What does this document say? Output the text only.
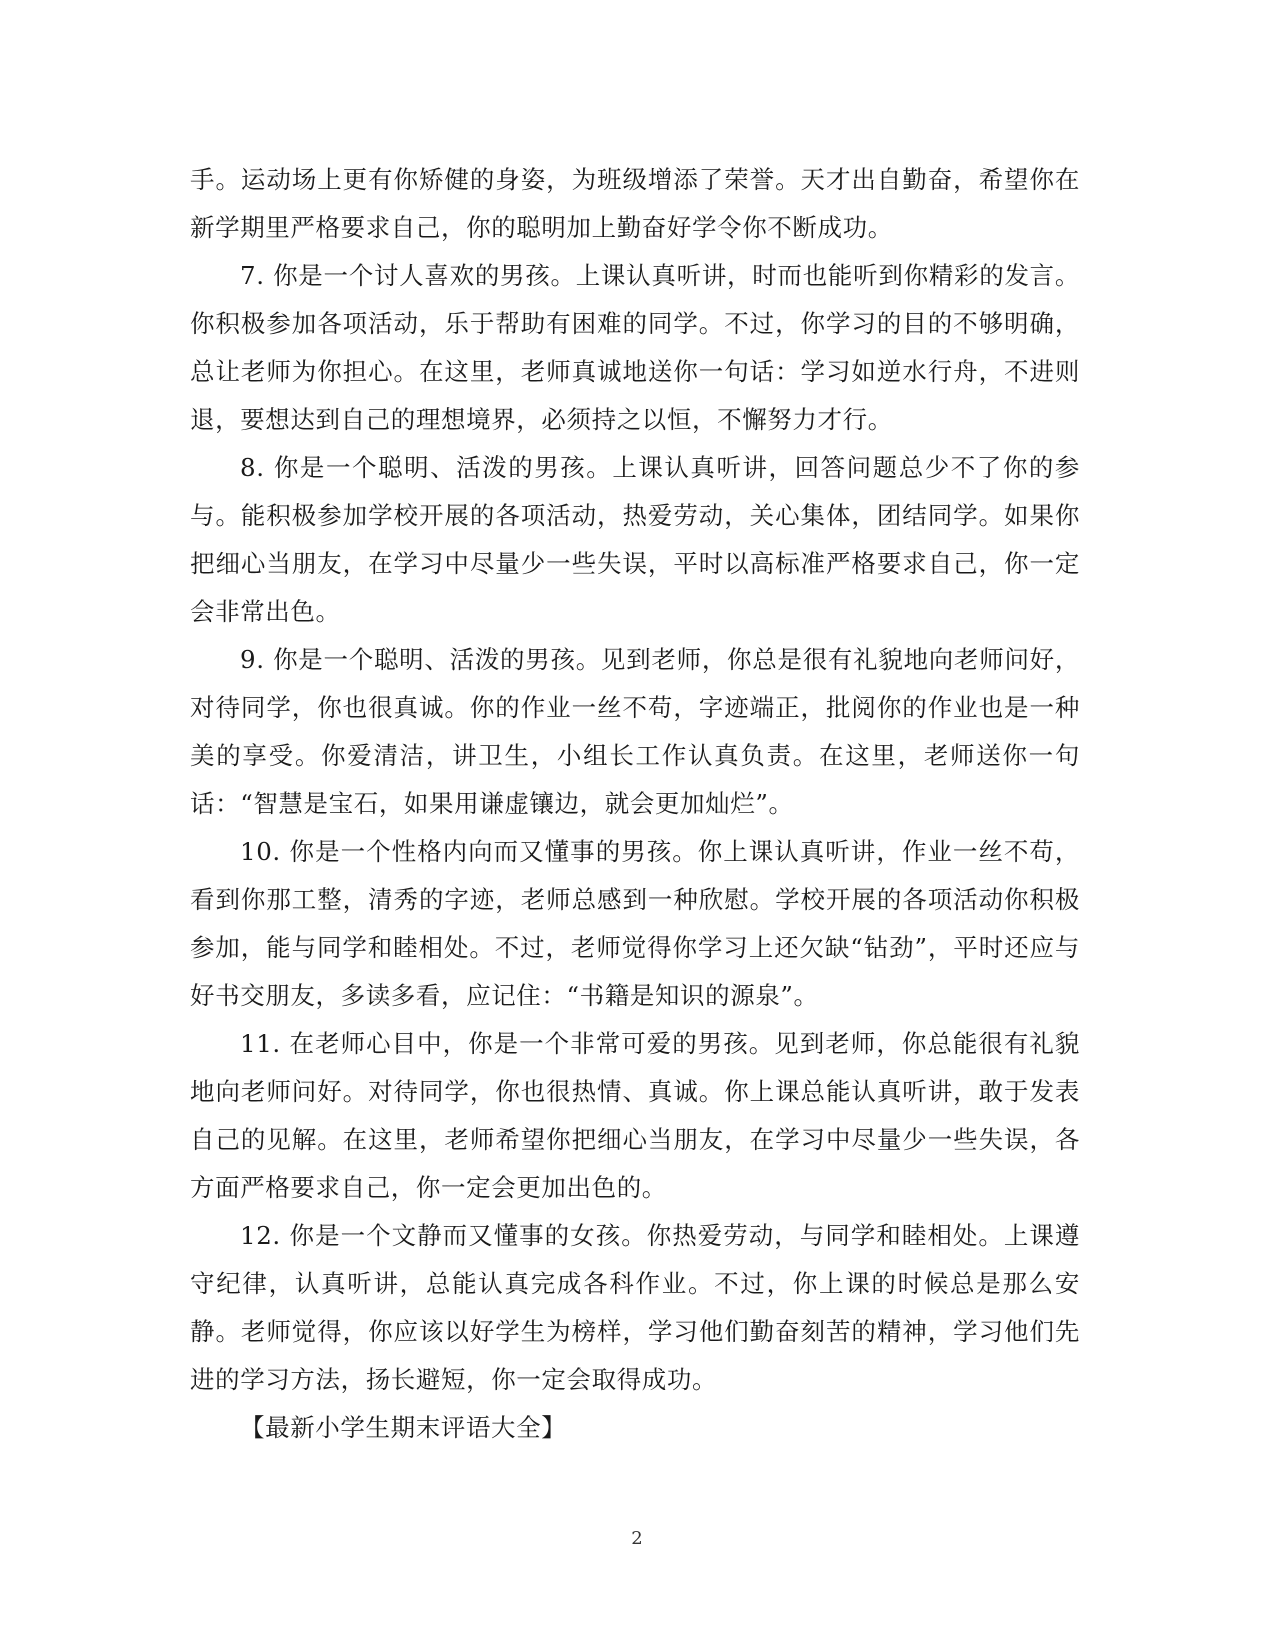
手。运动场上更有你矫健的身姿，为班级增添了荣誉。天才出自勤奋，希望你在新学期里严格要求自己，你的聪明加上勤奋好学令你不断成功。

7. 你是一个讨人喜欢的男孩。上课认真听讲，时而也能听到你精彩的发言。你积极参加各项活动，乐于帮助有困难的同学。不过，你学习的目的不够明确，总让老师为你担心。在这里，老师真诚地送你一句话：学习如逆水行舟，不进则退，要想达到自己的理想境界，必须持之以恒，不懈努力才行。

8. 你是一个聪明、活泼的男孩。上课认真听讲，回答问题总少不了你的参与。能积极参加学校开展的各项活动，热爱劳动，关心集体，团结同学。如果你把细心当朋友，在学习中尽量少一些失误，平时以高标准严格要求自己，你一定会非常出色。

9. 你是一个聪明、活泼的男孩。见到老师，你总是很有礼貌地向老师问好，对待同学，你也很真诚。你的作业一丝不苟，字迹端正，批阅你的作业也是一种美的享受。你爱清洁，讲卫生，小组长工作认真负责。在这里，老师送你一句话：“智慧是宝石，如果用谦虚镶边，就会更加灿烂”。

10. 你是一个性格内向而又懂事的男孩。你上课认真听讲，作业一丝不苟，看到你那工整，清秀的字迹，老师总感到一种欣慰。学校开展的各项活动你积极参加，能与同学和睦相处。不过，老师觉得你学习上还欠缺“钻劲”，平时还应与好书交朋友，多读多看，应记住：“书籍是知识的源泉”。

11. 在老师心目中，你是一个非常可爱的男孩。见到老师，你总能很有礼貌地向老师问好。对待同学，你也很热情、真诚。你上课总能认真听讲，敢于发表自己的见解。在这里，老师希望你把细心当朋友，在学习中尽量少一些失误，各方面严格要求自己，你一定会更加出色的。

12. 你是一个文静而又懂事的女孩。你热爱劳动，与同学和睦相处。上课遵守纪律，认真听讲，总能认真完成各科作业。不过，你上课的时候总是那么安静。老师觉得，你应该以好学生为榜样，学习他们勤奋刻苦的精神，学习他们先进的学习方法，扬长避短，你一定会取得成功。

【最新小学生期末评语大全】

2
